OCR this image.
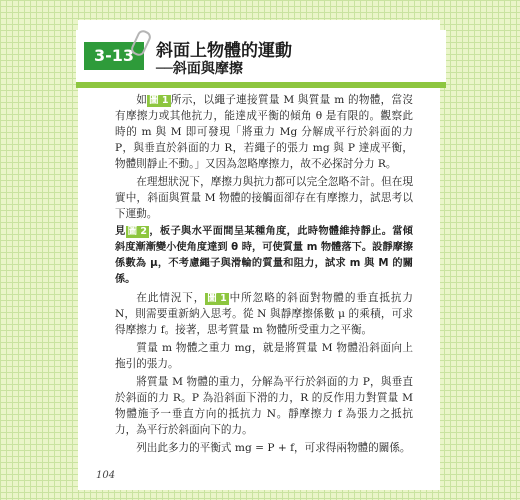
3-13	斜面上物體的運動
──斜面與摩擦

如 圖 1 所示，以繩子連接質量 M 與質量 m 的物體，當沒有摩擦力或其他抗力，能達成平衡的傾角 θ 是有限的。觀察此時的 m 與 M 即可發現「將重力 Mg 分解成平行於斜面的力 P，與垂直於斜面的力 R，若繩子的張力 mg 與 P 達成平衡，物體則靜止不動。」又因為忽略摩擦力，故不必探討分力 R。

在理想狀況下，摩擦力與抗力都可以完全忽略不計。但在現實中，斜面與質量 M 物體的接觸面卻存在有摩擦力，試思考以下運動。

見 圖 2 ，板子與水平面間呈某種角度，此時物體維持靜止。當傾斜度漸漸變小使角度達到 θ 時，可使質量 m 物體落下。設靜摩擦係數為 μ，不考慮繩子與滑輪的質量和阻力，試求 m 與 M 的關係。

在此情況下， 圖 1 中所忽略的斜面對物體的垂直抵抗力 N，則需要重新納入思考。從 N 與靜摩擦係數 μ 的乘積，可求得摩擦力 f。接著，思考質量 m 物體所受重力之平衡。

質量 m 物體之重力 mg，就是將質量 M 物體沿斜面向上拖引的張力。

將質量 M 物體的重力，分解為平行於斜面的力 P，與垂直於斜面的力 R。P 為沿斜面下滑的力，R 的反作用力對質量 M 物體施予一垂直方向的抵抗力 N。靜摩擦力 f 為張力之抵抗力，為平行於斜面向下的力。

列出此多力的平衡式 mg = P + f，可求得兩物體的關係。

104
